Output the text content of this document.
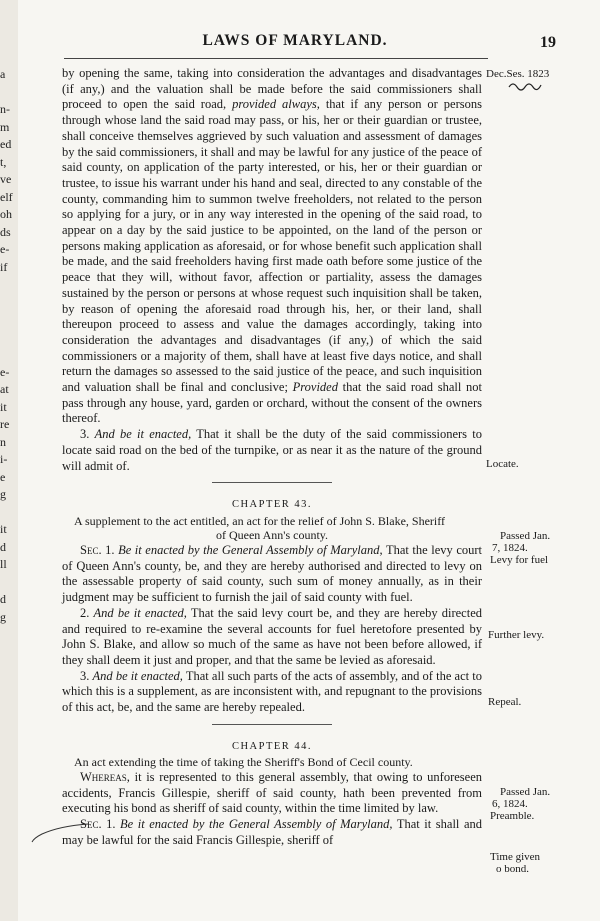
a
n-
m
ed
t,
ve
elf
oh
ds
e-
if
e-
at
it
re
n
i-
e
g
it
d
ll
d
g
LAWS OF MARYLAND.	19

by opening the same, taking into consideration the advantages and disadvantages (if any,) and the valuation shall be made before the said commissioners shall proceed to open the said road, provided always, that if any person or persons through whose land the said road may pass, or his, her or their guardian or trustee, shall conceive themselves aggrieved by such valuation and assessment of damages by the said commissioners, it shall and may be lawful for any justice of the peace of said county, on application of the party interested, or his, her or their guardian or trustee, to issue his warrant under his hand and seal, directed to any constable of the county, commanding him to summon twelve freeholders, not related to the person so applying for a jury, or in any way interested in the opening of the said road, to appear on a day by the said justice to be appointed, on the land of the person or persons making application as aforesaid, or for whose benefit such application shall be made, and the said freeholders having first made oath before some justice of the peace that they will, without favor, affection or partiality, assess the damages sustained by the person or persons at whose request such inquisition shall be taken, by reason of opening the aforesaid road through his, her, or their land, shall thereupon proceed to assess and value the damages accordingly, taking into consideration the advantages and disadvantages (if any,) of which the said commissioners or a majority of them, shall have at least five days notice, and shall return the damages so assessed to the said justice of the peace, and such inquisition and valuation shall be final and conclusive; Provided that the said road shall not pass through any house, yard, garden or orchard, without the consent of the owners thereof.

3. And be it enacted, That it shall be the duty of the said commissioners to locate said road on the bed of the turnpike, or as near it as the nature of the ground will admit of.

CHAPTER 43.

A supplement to the act entitled, an act for the relief of John S. Blake, Sheriff

of Queen Ann's county.

Sec. 1. Be it enacted by the General Assembly of Maryland, That the levy court of Queen Ann's county, be, and they are hereby authorised and directed to levy on the assessable property of said county, such sum of money annually, as in their judgment may be sufficient to furnish the jail of said county with fuel.

2. And be it enacted, That the said levy court be, and they are hereby directed and required to re-examine the several accounts for fuel heretofore presented by John S. Blake, and allow so much of the same as have not been before allowed, if they shall deem it just and proper, and that the same be levied as aforesaid.

3. And be it enacted, That all such parts of the acts of assembly, and of the act to which this is a supplement, as are inconsistent with, and repugnant to the provisions of this act, be, and the same are hereby repealed.

CHAPTER 44.

An act extending the time of taking the Sheriff's Bond of Cecil county.

Whereas, it is represented to this general assembly, that owing to unforeseen accidents, Francis Gillespie, sheriff of said county, hath been prevented from executing his bond as sheriff of said county, within the time limited by law.

Sec. 1. Be it enacted by the General Assembly of Maryland, That it shall and may be lawful for the said Francis Gillespie, sheriff of

Dec.Ses. 1823
Locate.
Passed Jan.
7, 1824.
Levy for fuel
Further levy.
Repeal.
Passed Jan.
6, 1824.
Preamble.
Time given
o bond.
